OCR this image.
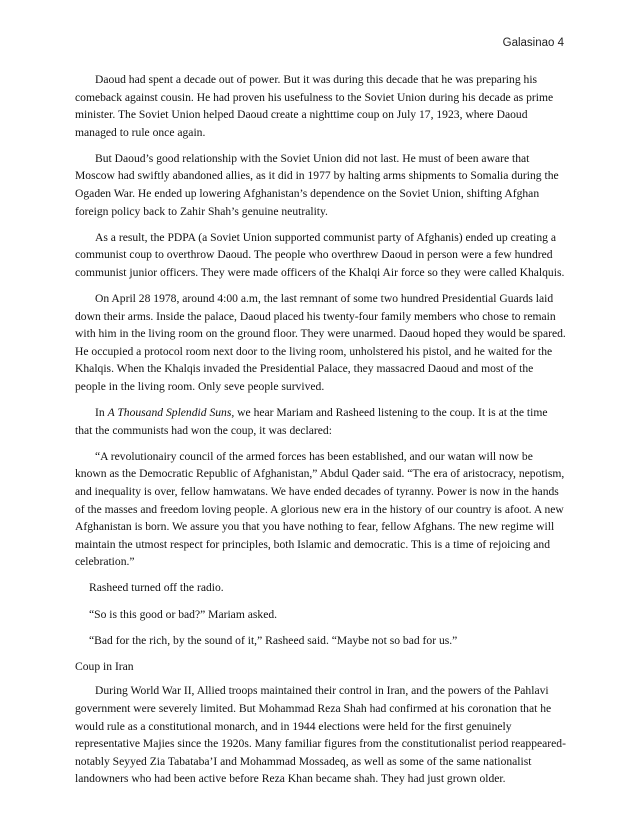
Galasinao 4

Daoud had spent a decade out of power. But it was during this decade that he was preparing his comeback against cousin. He had proven his usefulness to the Soviet Union during his decade as prime minister. The Soviet Union helped Daoud create a nighttime coup on July 17, 1923, where Daoud managed to rule once again.

But Daoud’s good relationship with the Soviet Union did not last. He must of been aware that Moscow had swiftly abandoned allies, as it did in 1977 by halting arms shipments to Somalia during the Ogaden War. He ended up lowering Afghanistan’s dependence on the Soviet Union, shifting Afghan foreign policy back to Zahir Shah’s genuine neutrality.

As a result, the PDPA (a Soviet Union supported communist party of Afghanis) ended up creating a communist coup to overthrow Daoud. The people who overthrew Daoud in person were a few hundred communist junior officers. They were made officers of the Khalqi Air force so they were called Khalquis.

On April 28 1978, around 4:00 a.m, the last remnant of some two hundred Presidential Guards laid down their arms. Inside the palace, Daoud placed his twenty-four family members who chose to remain with him in the living room on the ground floor. They were unarmed. Daoud hoped they would be spared. He occupied a protocol room next door to the living room, unholstered his pistol, and he waited for the Khalqis. When the Khalqis invaded the Presidential Palace, they massacred Daoud and most of the people in the living room. Only seve people survived.

In A Thousand Splendid Suns, we hear Mariam and Rasheed listening to the coup. It is at the time that the communists had won the coup, it was declared:

“A revolutionairy council of the armed forces has been established, and our watan will now be known as the Democratic Republic of Afghanistan,” Abdul Qader said. “The era of aristocracy, nepotism, and inequality is over, fellow hamwatans. We have ended decades of tyranny. Power is now in the hands of the masses and freedom loving people. A glorious new era in the history of our country is afoot. A new Afghanistan is born. We assure you that you have nothing to fear, fellow Afghans. The new regime will maintain the utmost respect for principles, both Islamic and democratic. This is a time of rejoicing and celebration.”

Rasheed turned off the radio.

“So is this good or bad?” Mariam asked.

“Bad for the rich, by the sound of it,” Rasheed said. “Maybe not so bad for us.”

Coup in Iran

During World War II, Allied troops maintained their control in Iran, and the powers of the Pahlavi government were severely limited. But Mohammad Reza Shah had confirmed at his coronation that he would rule as a constitutional monarch, and in 1944 elections were held for the first genuinely representative Majies since the 1920s. Many familiar figures from the constitutionalist period reappeared- notably Seyyed Zia Tabataba’I and Mohammad Mossadeq, as well as some of the same nationalist landowners who had been active before Reza Khan became shah. They had just grown older.
